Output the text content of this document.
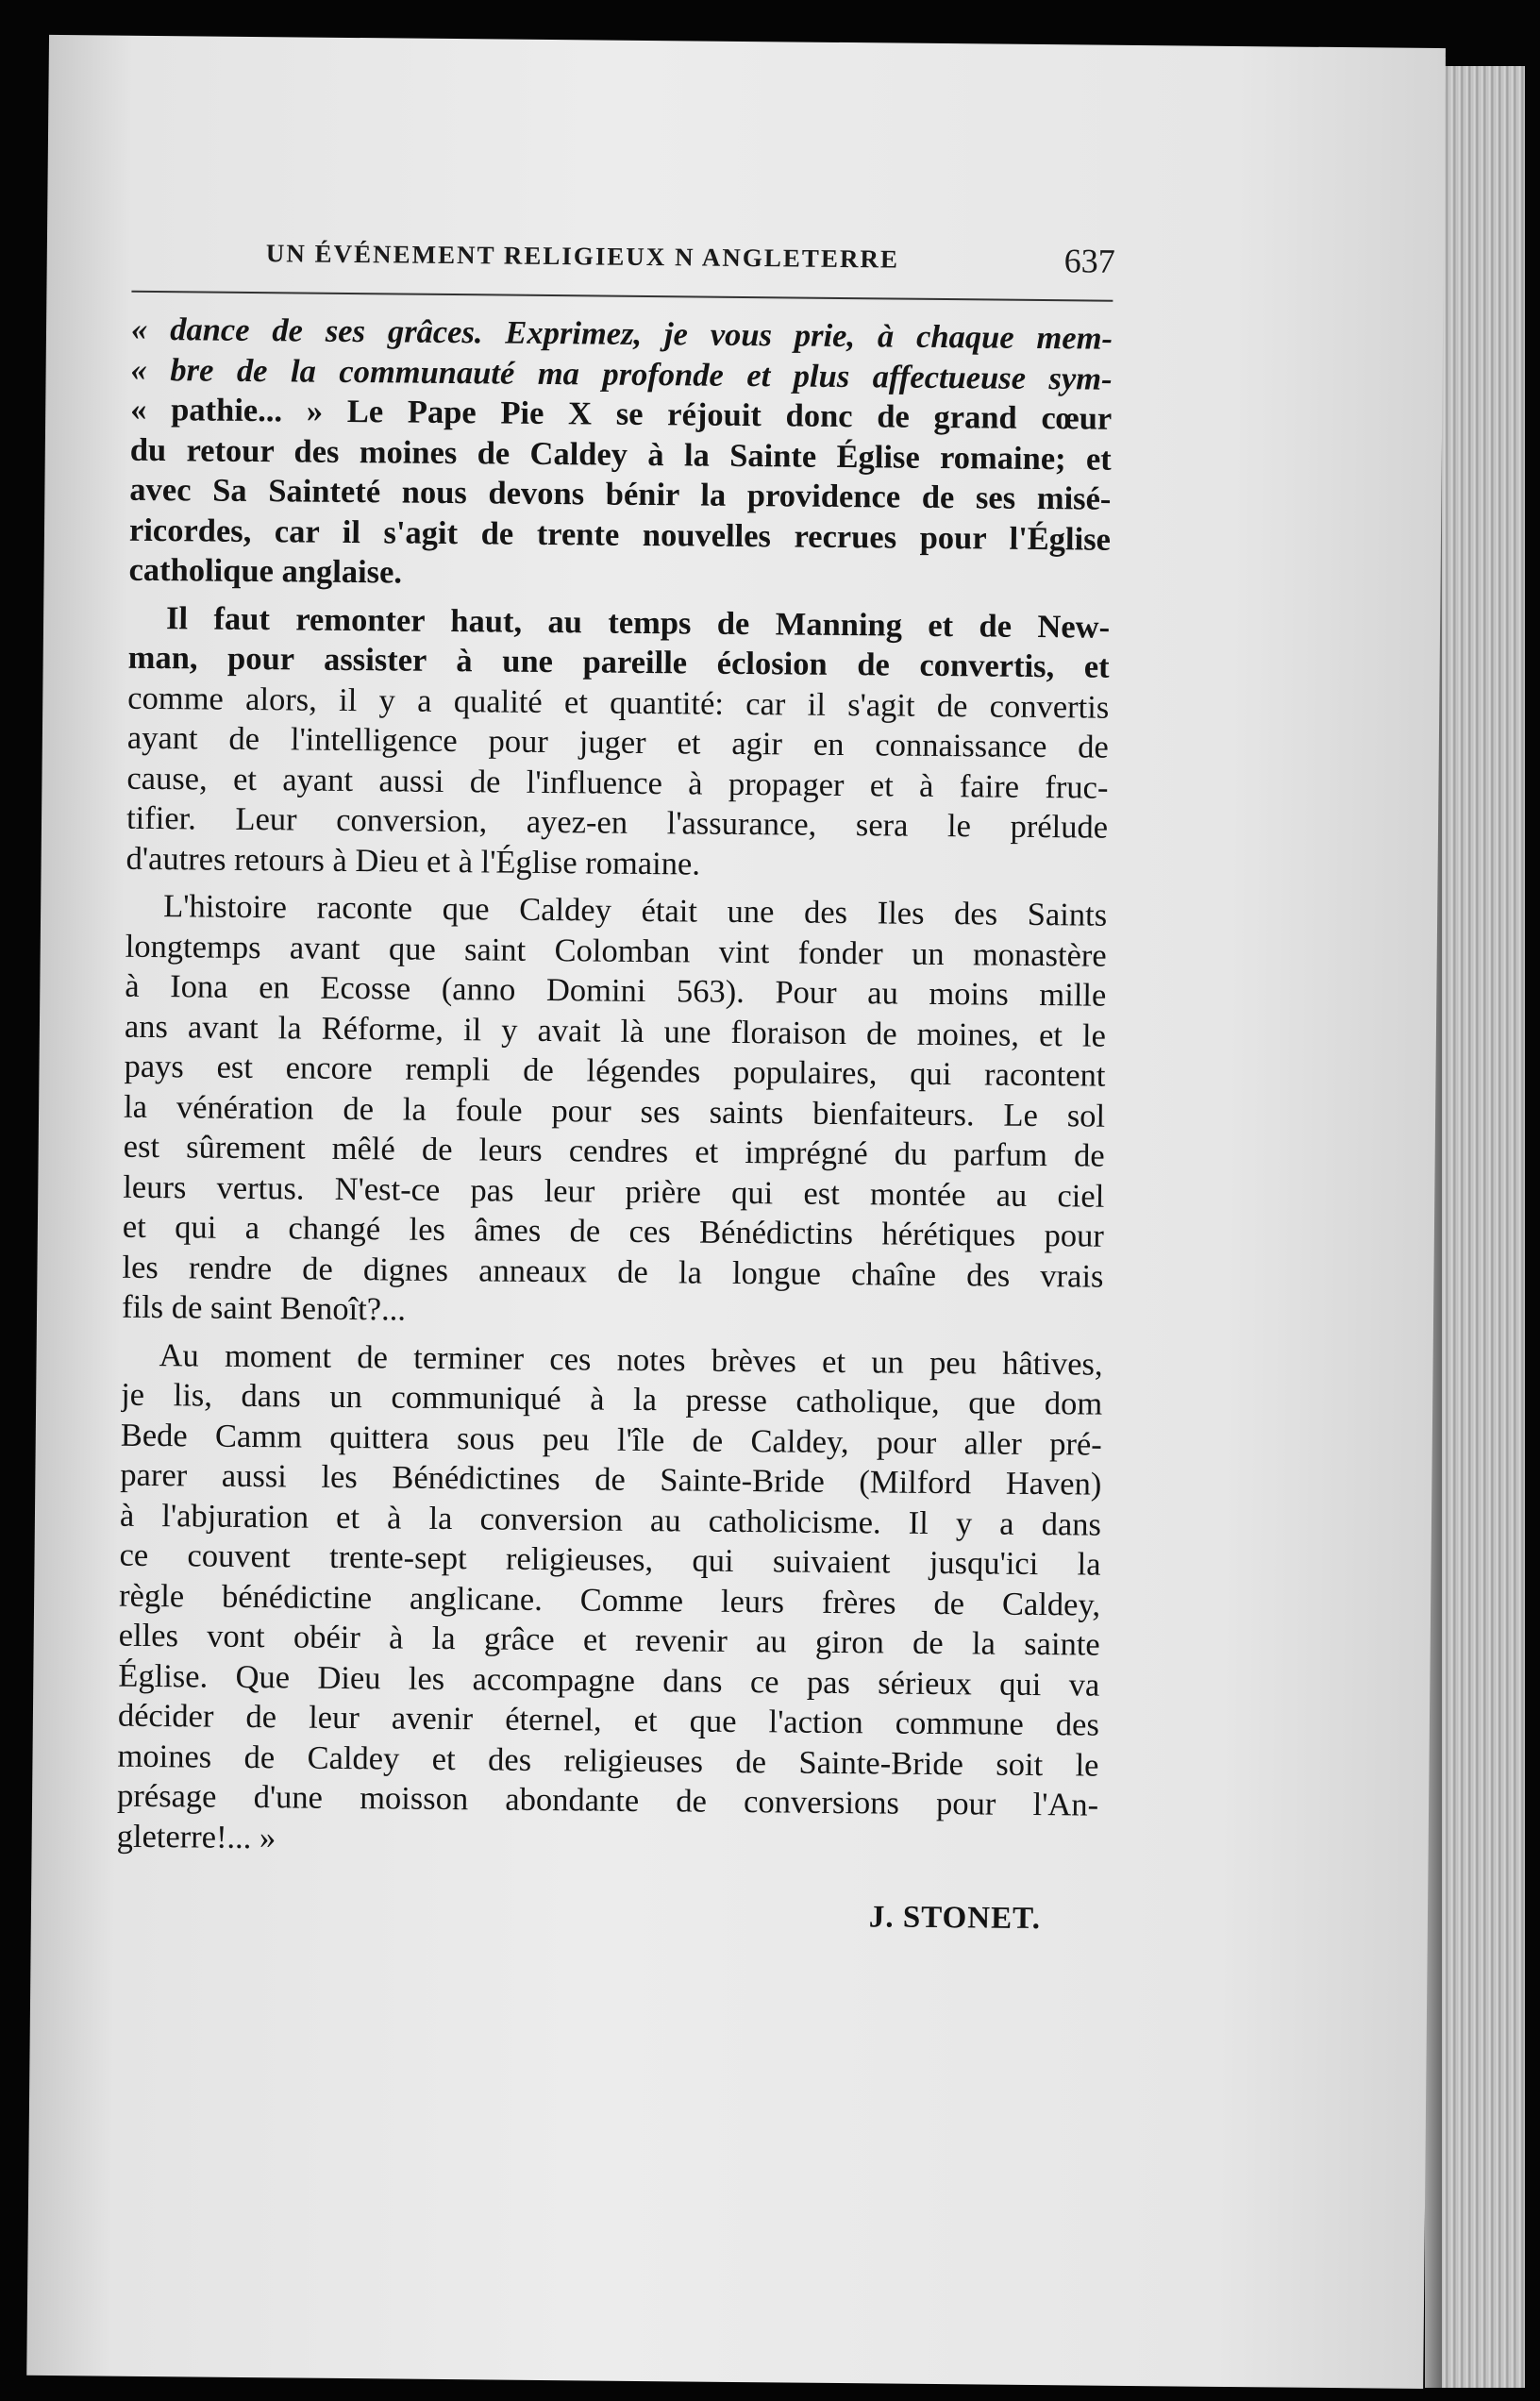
UN ÉVÉNEMENT RELIGIEUX N ANGLETERRE	637
« dance de ses grâces. Exprimez, je vous prie, à chaque mem-
« bre de la communauté ma profonde et plus affectueuse sym-
« pathie... » Le Pape Pie X se réjouit donc de grand cœur
du retour des moines de Caldey à la Sainte Église romaine; et
avec Sa Sainteté nous devons bénir la providence de ses misé-
ricordes, car il s'agit de trente nouvelles recrues pour l'Église
catholique anglaise.
Il faut remonter haut, au temps de Manning et de New-
man, pour assister à une pareille éclosion de convertis, et
comme alors, il y a qualité et quantité: car il s'agit de convertis
ayant de l'intelligence pour juger et agir en connaissance de
cause, et ayant aussi de l'influence à propager et à faire fruc-
tifier. Leur conversion, ayez-en l'assurance, sera le prélude
d'autres retours à Dieu et à l'Église romaine.
L'histoire raconte que Caldey était une des Iles des Saints
longtemps avant que saint Colomban vint fonder un monastère
à Iona en Ecosse (anno Domini 563). Pour au moins mille
ans avant la Réforme, il y avait là une floraison de moines, et le
pays est encore rempli de légendes populaires, qui racontent
la vénération de la foule pour ses saints bienfaiteurs. Le sol
est sûrement mêlé de leurs cendres et imprégné du parfum de
leurs vertus. N'est-ce pas leur prière qui est montée au ciel
et qui a changé les âmes de ces Bénédictins hérétiques pour
les rendre de dignes anneaux de la longue chaîne des vrais
fils de saint Benoît?...
Au moment de terminer ces notes brèves et un peu hâtives,
je lis, dans un communiqué à la presse catholique, que dom
Bede Camm quittera sous peu l'île de Caldey, pour aller pré-
parer aussi les Bénédictines de Sainte-Bride (Milford Haven)
à l'abjuration et à la conversion au catholicisme. Il y a dans
ce couvent trente-sept religieuses, qui suivaient jusqu'ici la
règle bénédictine anglicane. Comme leurs frères de Caldey,
elles vont obéir à la grâce et revenir au giron de la sainte
Église. Que Dieu les accompagne dans ce pas sérieux qui va
décider de leur avenir éternel, et que l'action commune des
moines de Caldey et des religieuses de Sainte-Bride soit le
présage d'une moisson abondante de conversions pour l'An-
gleterre!... »
J. STONET.
